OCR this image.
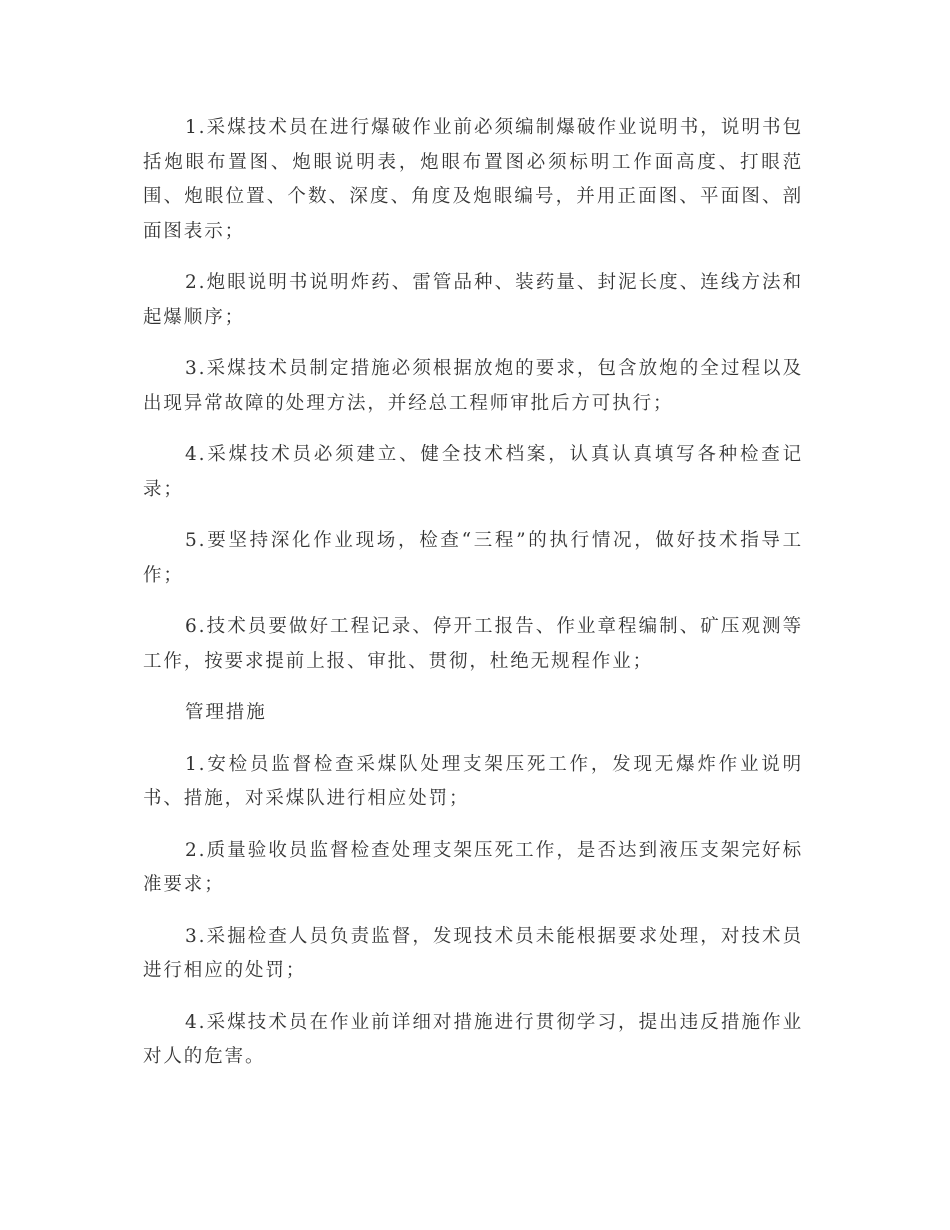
1.采煤技术员在进行爆破作业前必须编制爆破作业说明书，说明书包括炮眼布置图、炮眼说明表，炮眼布置图必须标明工作面高度、打眼范围、炮眼位置、个数、深度、角度及炮眼编号，并用正面图、平面图、剖面图表示；

2.炮眼说明书说明炸药、雷管品种、装药量、封泥长度、连线方法和起爆顺序；

3.采煤技术员制定措施必须根据放炮的要求，包含放炮的全过程以及出现异常故障的处理方法，并经总工程师审批后方可执行；

4.采煤技术员必须建立、健全技术档案，认真认真填写各种检查记录；

5.要坚持深化作业现场，检查“三程”的执行情况，做好技术指导工作；

6.技术员要做好工程记录、停开工报告、作业章程编制、矿压观测等工作，按要求提前上报、审批、贯彻，杜绝无规程作业；

管理措施

1.安检员监督检查采煤队处理支架压死工作，发现无爆炸作业说明书、措施，对采煤队进行相应处罚；

2.质量验收员监督检查处理支架压死工作，是否达到液压支架完好标准要求；

3.采掘检查人员负责监督，发现技术员未能根据要求处理，对技术员进行相应的处罚；

4.采煤技术员在作业前详细对措施进行贯彻学习，提出违反措施作业对人的危害。
